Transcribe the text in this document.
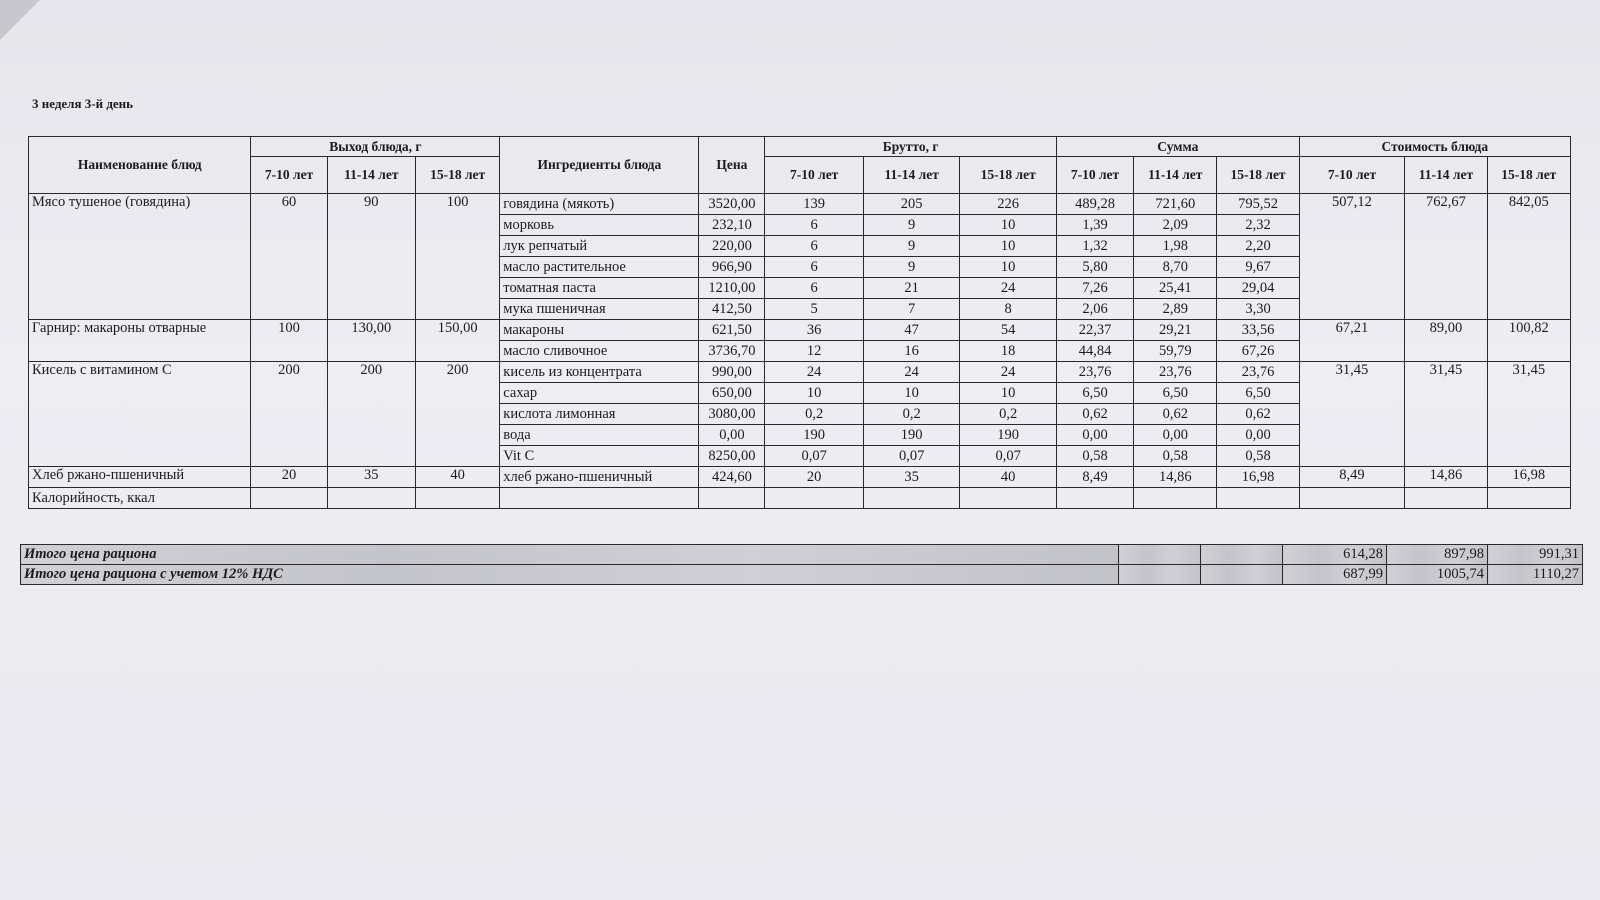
3 неделя 3-й день
Наименование блюд	Выход блюда, г			Ингредиенты блюда	Цена	Брутто, г			Сумма			Стоимость блюда		
	7-10 лет	11-14 лет	15-18 лет			7-10 лет	11-14 лет	15-18 лет	7-10 лет	11-14 лет	15-18 лет	7-10 лет	11-14 лет	15-18 лет
Мясо тушеное (говядина)	60	90	100	говядина (мякоть)	3520,00	139	205	226	489,28	721,60	795,52	507,12	762,67	842,05
				морковь	232,10	6	9	10	1,39	2,09	2,32			
				лук репчатый	220,00	6	9	10	1,32	1,98	2,20			
				масло растительное	966,90	6	9	10	5,80	8,70	9,67			
				томатная паста	1210,00	6	21	24	7,26	25,41	29,04			
				мука пшеничная	412,50	5	7	8	2,06	2,89	3,30			
Гарнир: макароны отварные	100	130,00	150,00	макароны	621,50	36	47	54	22,37	29,21	33,56	67,21	89,00	100,82
				масло сливочное	3736,70	12	16	18	44,84	59,79	67,26			
Кисель с витамином С	200	200	200	кисель из концентрата	990,00	24	24	24	23,76	23,76	23,76	31,45	31,45	31,45
				сахар	650,00	10	10	10	6,50	6,50	6,50			
				кислота лимонная	3080,00	0,2	0,2	0,2	0,62	0,62	0,62			
				вода	0,00	190	190	190	0,00	0,00	0,00			
				Vit C	8250,00	0,07	0,07	0,07	0,58	0,58	0,58			
Хлеб ржано-пшеничный	20	35	40	хлеб ржано-пшеничный	424,60	20	35	40	8,49	14,86	16,98	8,49	14,86	16,98
Калорийность, ккал														
Итого цена рациона			614,28	897,98	991,31
Итого цена рациона с учетом 12% НДС			687,99	1005,74	1110,27
